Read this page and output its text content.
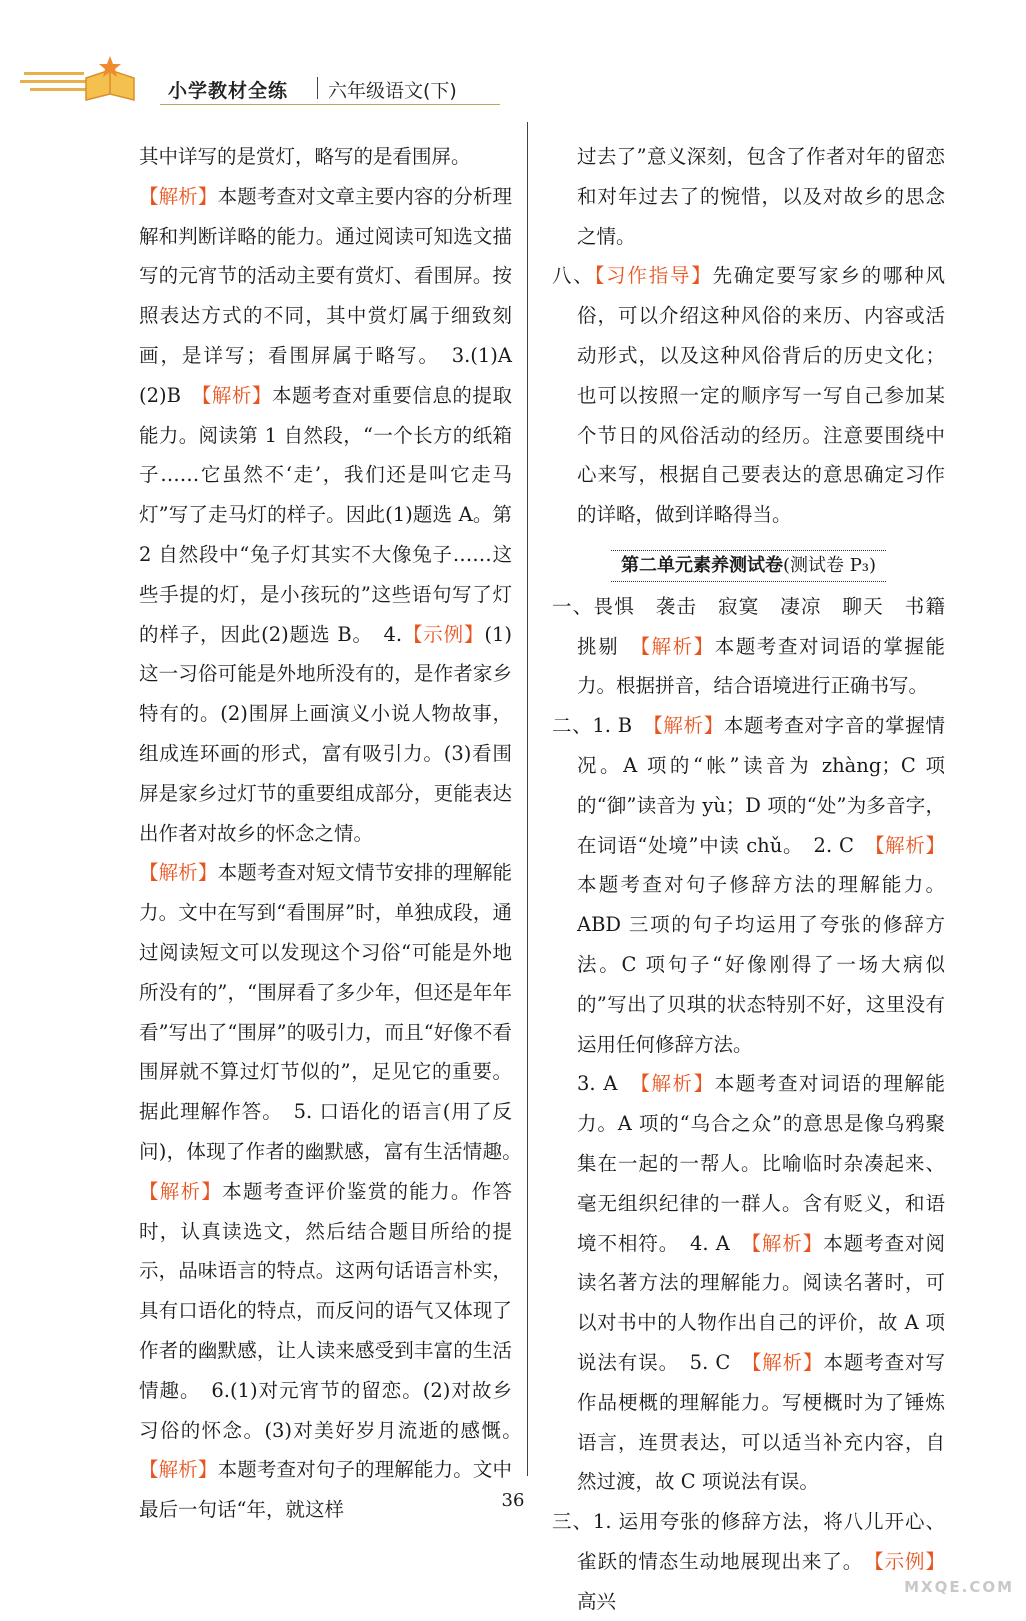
小学教材全练 六年级语文(下)

其中详写的是赏灯，略写的是看围屏。

【解析】本题考查对文章主要内容的分析理解和判断详略的能力。通过阅读可知选文描写的元宵节的活动主要有赏灯、看围屏。按照表达方式的不同，其中赏灯属于细致刻画，是详写；看围屏属于略写。　3.(1)A　(2)B　【解析】本题考查对重要信息的提取能力。阅读第 1 自然段，“一个长方的纸箱子……它虽然不‘走’，我们还是叫它走马灯”写了走马灯的样子。因此(1)题选 A。第 2 自然段中“兔子灯其实不大像兔子……这些手提的灯，是小孩玩的”这些语句写了灯的样子，因此(2)题选 B。　4.【示例】(1)这一习俗可能是外地所没有的，是作者家乡特有的。(2)围屏上画演义小说人物故事，组成连环画的形式，富有吸引力。(3)看围屏是家乡过灯节的重要组成部分，更能表达出作者对故乡的怀念之情。

【解析】本题考查对短文情节安排的理解能力。文中在写到“看围屏”时，单独成段，通过阅读短文可以发现这个习俗“可能是外地所没有的”，“围屏看了多少年，但还是年年看”写出了“围屏”的吸引力，而且“好像不看围屏就不算过灯节似的”，足见它的重要。据此理解作答。　5. 口语化的语言(用了反问)，体现了作者的幽默感，富有生活情趣。　【解析】本题考查评价鉴赏的能力。作答时，认真读选文，然后结合题目所给的提示，品味语言的特点。这两句话语言朴实，具有口语化的特点，而反问的语气又体现了作者的幽默感，让人读来感受到丰富的生活情趣。　6.(1)对元宵节的留恋。(2)对故乡习俗的怀念。(3)对美好岁月流逝的感慨。　【解析】本题考查对句子的理解能力。文中最后一句话“年，就这样

过去了”意义深刻，包含了作者对年的留恋和对年过去了的惋惜，以及对故乡的思念之情。

八、【习作指导】先确定要写家乡的哪种风俗，可以介绍这种风俗的来历、内容或活动形式，以及这种风俗背后的历史文化；也可以按照一定的顺序写一写自己参加某个节日的风俗活动的经历。注意要围绕中心来写，根据自己要表达的意思确定习作的详略，做到详略得当。

第二单元素养测试卷(测试卷 P₃)

一、畏惧　袭击　寂寞　凄凉　聊天　书籍　挑剔　【解析】本题考查对词语的掌握能力。根据拼音，结合语境进行正确书写。

二、1. B　【解析】本题考查对字音的掌握情况。A 项的“帐”读音为 zhàng；C 项的“御”读音为 yù；D 项的“处”为多音字，在词语“处境”中读 chǔ。　2. C　【解析】本题考查对句子修辞方法的理解能力。ABD 三项的句子均运用了夸张的修辞方法。C 项句子“好像刚得了一场大病似的”写出了贝琪的状态特别不好，这里没有运用任何修辞方法。

3. A　【解析】本题考查对词语的理解能力。A 项的“乌合之众”的意思是像乌鸦聚集在一起的一帮人。比喻临时杂凑起来、毫无组织纪律的一群人。含有贬义，和语境不相符。　4. A　【解析】本题考查对阅读名著方法的理解能力。阅读名著时，可以对书中的人物作出自己的评价，故 A 项说法有误。　5. C　【解析】本题考查对写作品梗概的理解能力。写梗概时为了锤炼语言，连贯表达，可以适当补充内容，自然过渡，故 C 项说法有误。

三、1. 运用夸张的修辞方法，将八儿开心、雀跃的情态生动地展现出来了。　【示例】高兴

36
MXQE.COM
